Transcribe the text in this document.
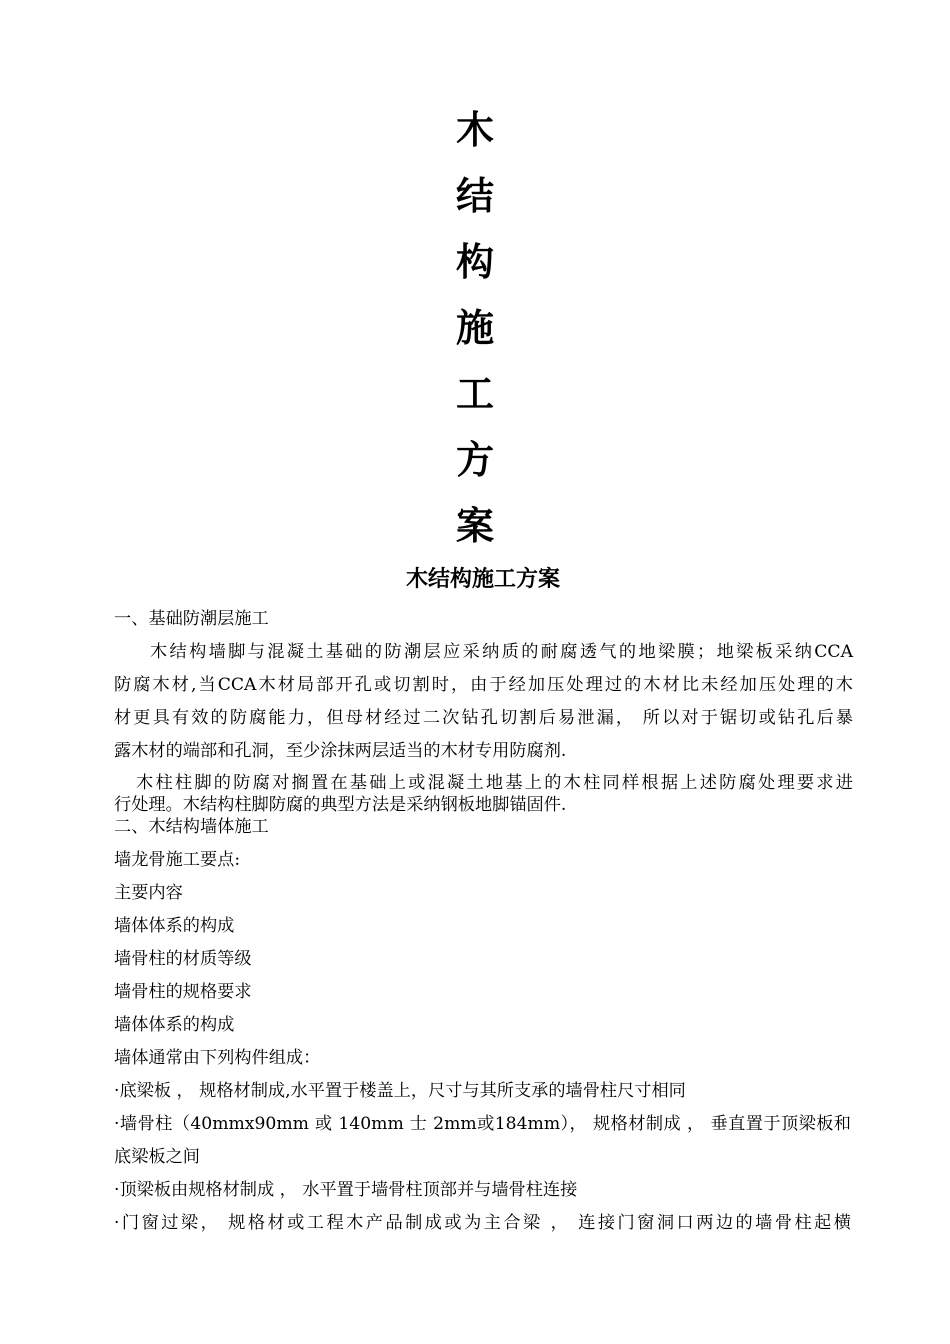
木
结
构
施
工
方
案
木结构施工方案
一、基础防潮层施工
木结构墙脚与混凝土基础的防潮层应采纳质的耐腐透气的地梁膜；地梁板采纳CCA
防腐木材,当CCA木材局部开孔或切割时，由于经加压处理过的木材比未经加压处理的木
材更具有效的防腐能力，但母材经过二次钻孔切割后易泄漏， 所以对于锯切或钻孔后暴
露木材的端部和孔洞，至少涂抹两层适当的木材专用防腐剂.
木柱柱脚的防腐对搁置在基础上或混凝土地基上的木柱同样根据上述防腐处理要求进
行处理。木结构柱脚防腐的典型方法是采纳钢板地脚锚固件.
二、木结构墙体施工
墙龙骨施工要点:
主要内容
墙体体系的构成
墙骨柱的材质等级
墙骨柱的规格要求
墙体体系的构成
墙体通常由下列构件组成：
·底梁板 ， 规格材制成,水平置于楼盖上，尺寸与其所支承的墙骨柱尺寸相同
·墙骨柱（40mmx90mm 或 140mm 士 2mm或184mm）， 规格材制成 ， 垂直置于顶梁板和
底梁板之间
·顶梁板由规格材制成 ， 水平置于墙骨柱顶部并与墙骨柱连接
·门窗过梁， 规格材或工程木产品制成或为主合梁 ， 连接门窗洞口两边的墙骨柱起横
